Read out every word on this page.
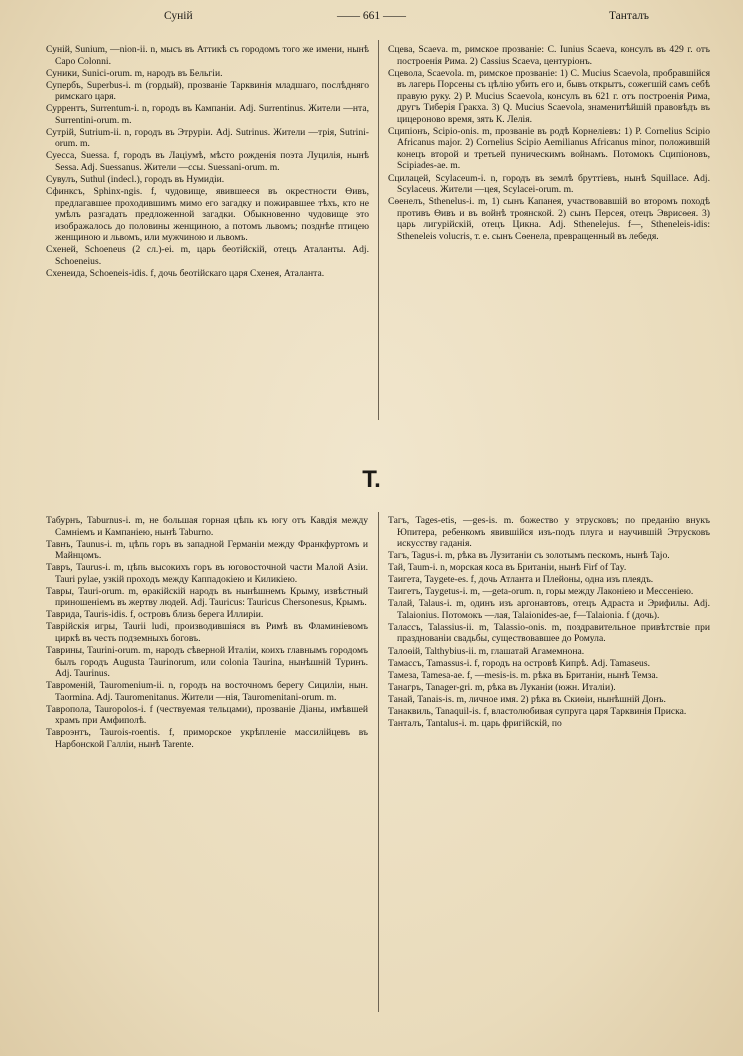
Суній	—— 661 ——	Танталъ

Суній, Sunium, —nion-ii. n, мысъ въ Аттикѣ съ городомъ того же имени, нынѣ Capo Colonni.

Суники, Sunici-orum. m, народъ въ Бельгіи.

Супербъ, Superbus-i. m (гордый), прозваніе Тарквинія младшаго, послѣдняго римскаго царя.

Суррентъ, Surrentum-i. n, городъ въ Кампаніи. Adj. Surrentinus. Жители —нта, Surrentini-orum. m.

Сутрій, Sutrium-ii. n, городъ въ Этруріи. Adj. Sutrinus. Жители —трія, Sutrini-orum. m.

Суесса, Suessa. f, городъ въ Лаціумѣ, мѣсто рожденія поэта Луцилія, нынѣ Sessa. Adj. Suessanus. Жители —ссы. Suessani-orum. m.

Сувулъ, Suthul (indecl.), городъ въ Нумидіи.

Сфинксъ, Sphinx-ngis. f, чудовище, явившееся въ окрестности Ѳивъ, предлагавшее проходившимъ мимо его загадку и пожиравшее тѣхъ, кто не умѣлъ разгадать предложенной загадки. Обыкновенно чудовище это изображалось до половины женщиною, а потомъ львомъ; позднѣе птицею женщиною и львомъ, или мужчиною и львомъ.

Схеней, Schoeneus (2 сл.)-ei. m, царь беотійскій, отецъ Аталанты. Adj. Schoeneius.

Схенеида, Schoeneis-idis. f, дочь беотійскаго царя Схенея, Аталанта.

Сцева, Scaeva. m, римское прозваніе: C. Iunius Scaeva, консулъ въ 429 г. отъ построенія Рима. 2) Cassius Scaeva, центуріонъ.

Сцевола, Scaevola. m, римское прозваніе: 1) C. Mucius Scaevola, пробравшійся въ лагерь Порсены съ цѣлію убить его и, бывъ открытъ, сожегшій самъ себѣ правую руку. 2) P. Mucius Scaevola, консулъ въ 621 г. отъ построенія Рима, другъ Тиберія Гракха. 3) Q. Mucius Scaevola, знаменитѣйшій правовѣдъ въ цицероново время, зять К. Лелія.

Сципіонъ, Scipio-onis. m, прозваніе въ родѣ Корнеліевъ: 1) P. Cornelius Scipio Africanus major. 2) Cornelius Scipio Aemilianus Africanus minor, положившій конецъ второй и третьей пуническимъ войнамъ. Потомокъ Сципіоновъ, Scipiades-ae. m.

Сцилацей, Scylaceum-i. n, городъ въ землѣ бруттіевъ, нынѣ Squillace. Adj. Scylaceus. Жители —цея, Scylacei-orum. m.

Сѳенелъ, Sthenelus-i. m, 1) сынъ Капанея, участвовавшій во второмъ походѣ противъ Ѳивъ и въ войнѣ троянской. 2) сынъ Персея, отецъ Эврисѳея. 3) царь лигурійскій, отецъ Цикна. Adj. Sthenelejus. f—, Stheneleis-idis: Stheneleis volucris, т. е. сынъ Сѳенела, превращенный въ лебедя.

Т.

Табурнъ, Taburnus-i. m, не большая горная цѣпь къ югу отъ Кавдія между Самніемъ и Кампаніею, нынѣ Taburno.

Тавнъ, Taunus-i. m, цѣпь горъ въ западной Германіи между Франкфуртомъ и Майнцомъ.

Тавръ, Taurus-i. m, цѣпь высокихъ горъ въ юговосточной части Малой Азіи. Tauri pylae, узкій проходъ между Каппадокіею и Киликіею.

Тавры, Tauri-orum. m, ѳракійскій народъ въ нынѣшнемъ Крыму, извѣстный приношеніемъ въ жертву людей. Adj. Tauricus: Tauricus Chersonesus, Крымъ.

Таврида, Tauris-idis. f, островъ близь берега Иллиріи.

Таврійскія игры, Taurii ludi, производившіяся въ Римѣ въ Фламиніевомъ циркѣ въ честь подземныхъ боговъ.

Таврины, Taurini-orum. m, народъ сѣверной Италіи, коихъ главнымъ городомъ былъ городъ Augusta Taurinorum, или colonia Taurina, нынѣшній Туринъ. Adj. Taurinus.

Тавроменій, Tauromenium-ii. n, городъ на восточномъ берегу Сициліи, нын. Taormina. Adj. Tauromenitanus. Жители —нія, Tauromenitani-orum. m.

Таврополa, Tauropolos-i. f (чествуемая тельцами), прозваніе Діаны, имѣвшей храмъ при Амфиполѣ.

Тавроэнтъ, Taurois-roentis. f, приморское укрѣпленіе массилійцевъ въ Нарбонской Галліи, нынѣ Tarente.

Тагъ, Tages-etis, —ges-is. m. божество у этрусковъ; по преданію внукъ Юпитера, ребенкомъ явившійся изъ-подъ плуга и научившій Этрусковъ искусству гаданія.

Тагъ, Tagus-i. m, рѣка въ Лузитаніи съ золотымъ пескомъ, нынѣ Tajo.

Тай, Taum-i. n, морская коса въ Британіи, нынѣ Firf of Tay.

Таигета, Taygete-es. f, дочь Атланта и Плейоны, одна изъ плеядъ.

Таигетъ, Taygetus-i. m, —geta-orum. n, горы между Лаконіею и Мессеніею.

Талай, Talaus-i. m, одинъ изъ аргонавтовъ, отецъ Адраста и Эрифилы. Adj. Talaionius. Потомокъ —лая, Talaionides-ae, f—Talaionia. f (дочь).

Талассъ, Talassius-ii. m, Talassio-onis. m, поздравительное привѣтствіе при празднованіи свадьбы, существовавшее до Ромула.

Талоѳій, Talthybius-ii. m, глашатай Агамемнона.

Тамассъ, Tamassus-i. f, городъ на островѣ Кипрѣ. Adj. Tamaseus.

Тамеза, Tamesa-ae. f, —mesis-is. m. рѣка въ Британіи, нынѣ Темза.

Танагръ, Tanager-gri. m, рѣка въ Луканіи (южн. Италіи).

Танай, Tanais-is. m, личное имя. 2) рѣка въ Скиѳіи, нынѣшній Донъ.

Танаквиль, Tanaquil-is. f, властолюбивая супруга царя Тарквинія Приска.

Танталъ, Tantalus-i. m. царь фригійскій, по
